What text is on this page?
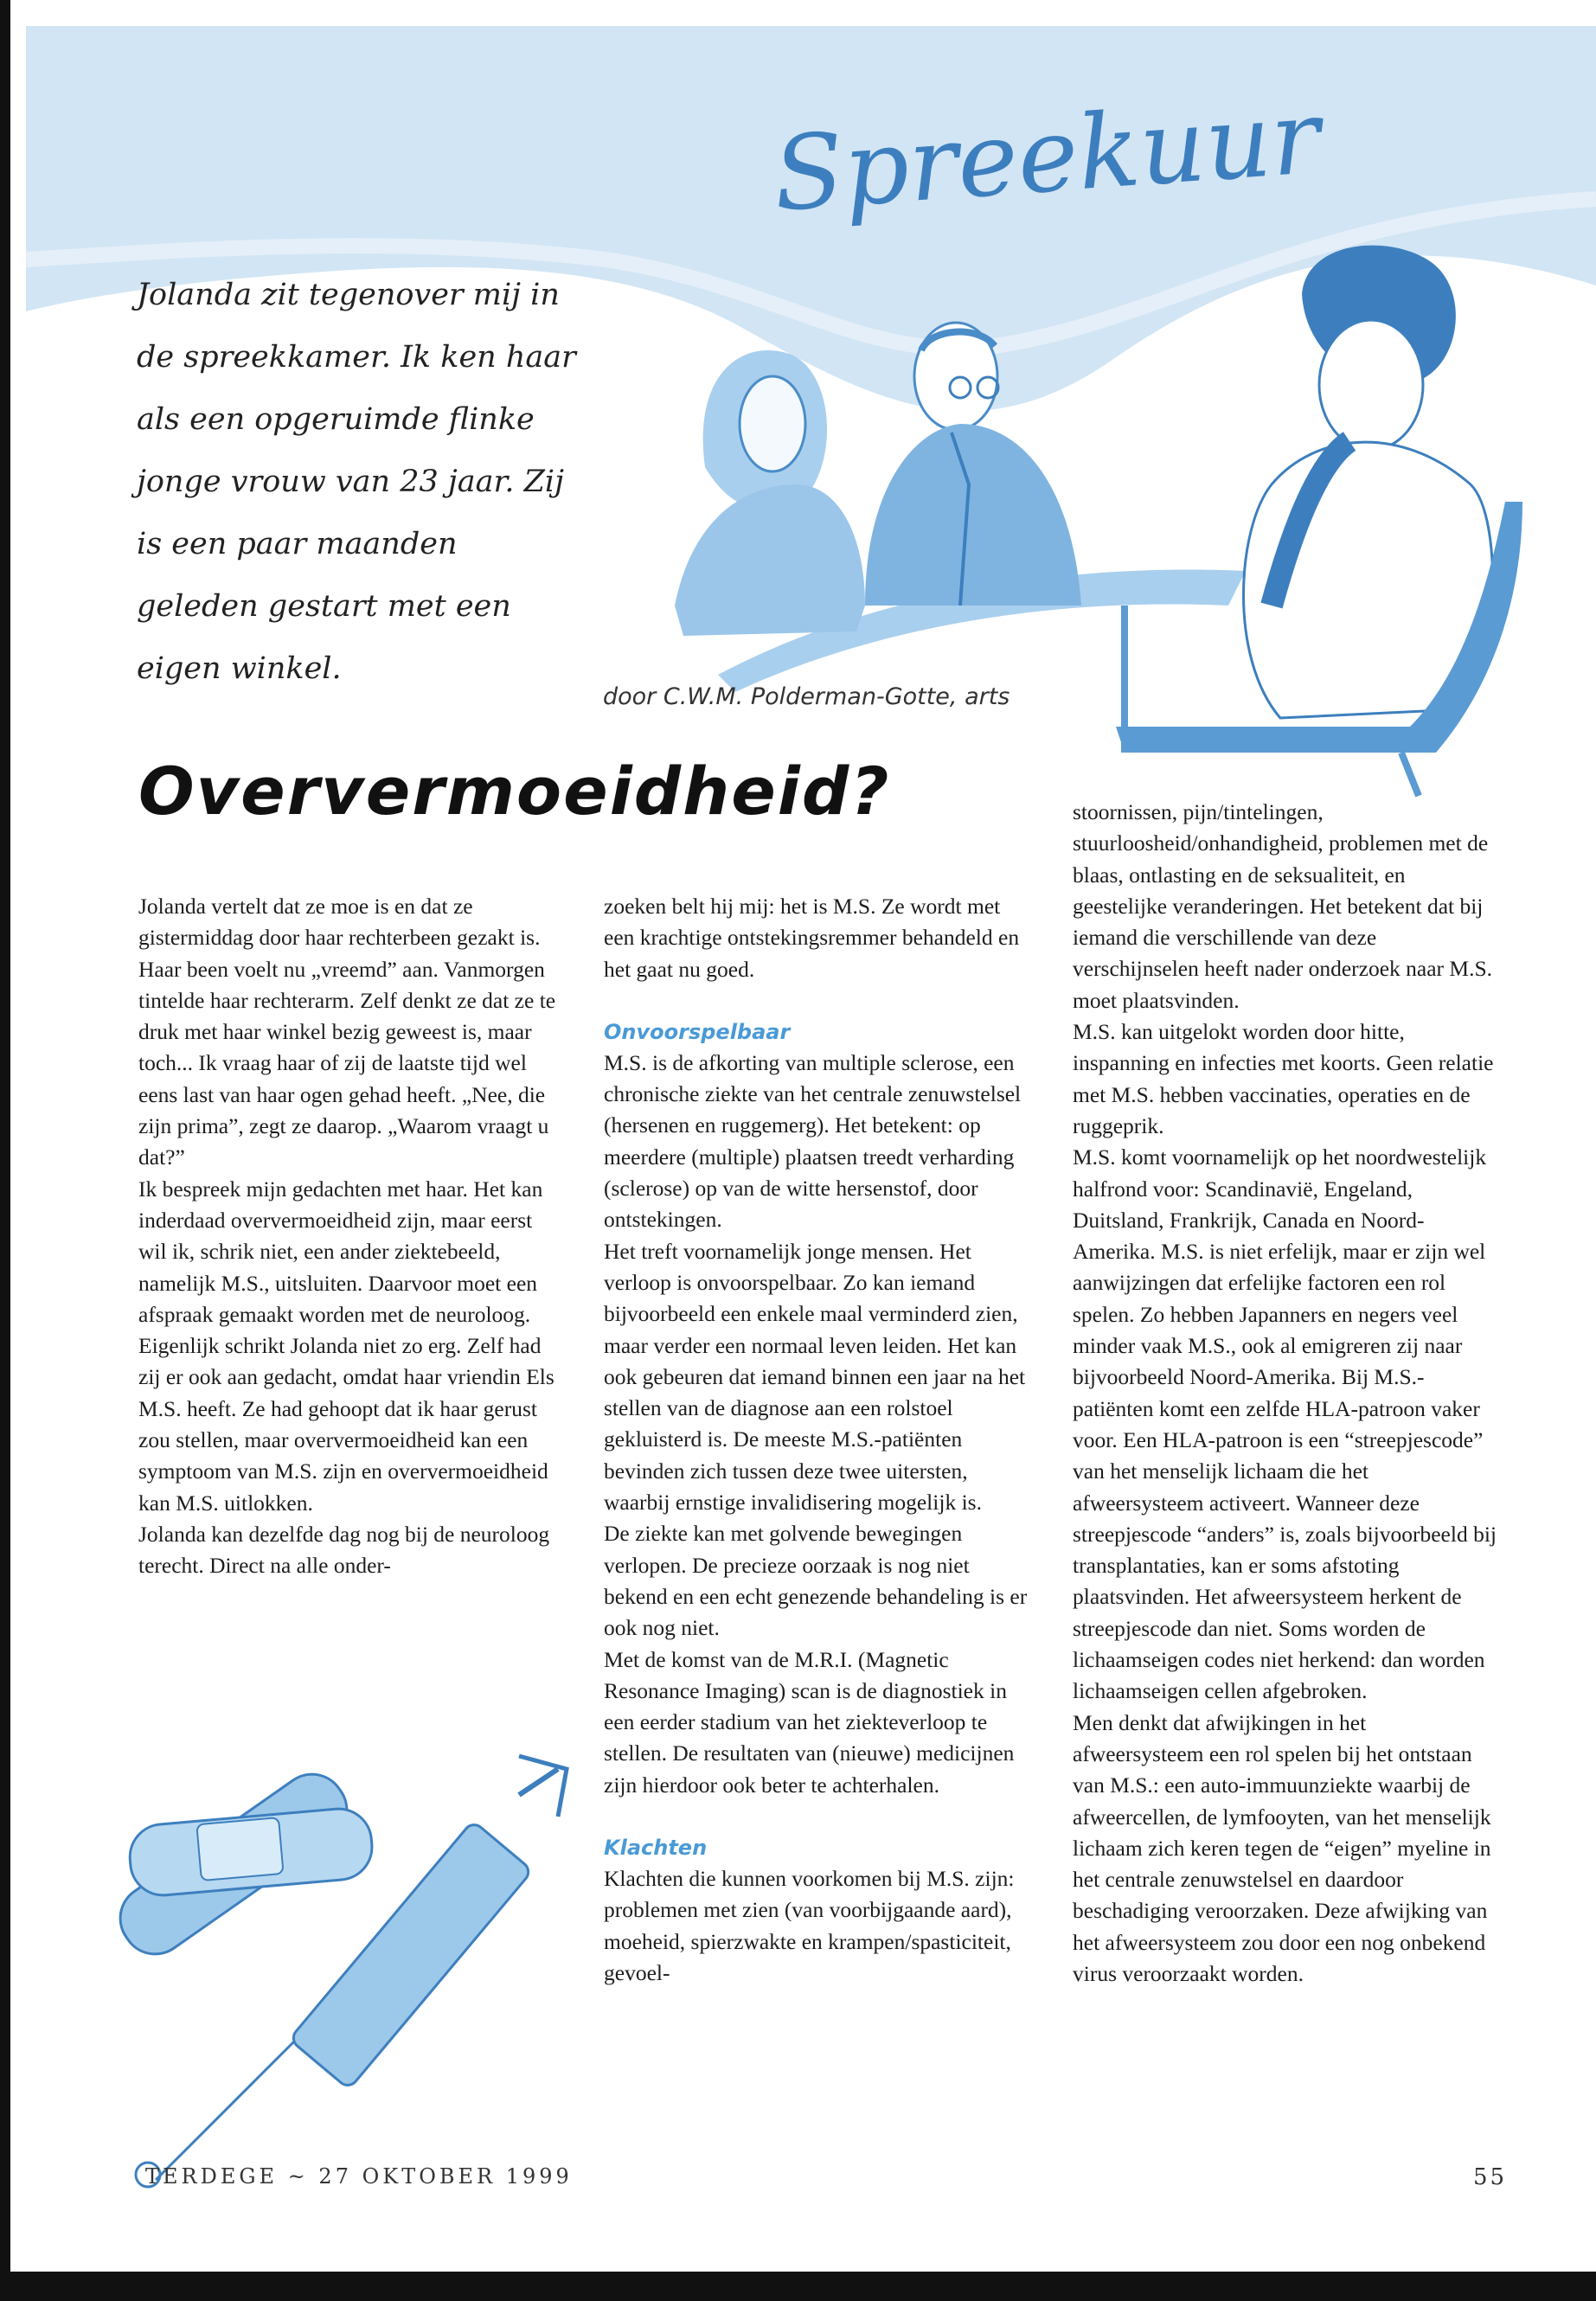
Spreekuur

Jolanda zit tegenover mij in de spreekkamer. Ik ken haar als een opgeruimde flinke jonge vrouw van 23 jaar. Zij is een paar maanden geleden gestart met een eigen winkel.

door C.W.M. Polderman-Gotte, arts
Oververmoeidheid?

Jolanda vertelt dat ze moe is en dat ze gistermiddag door haar rechterbeen gezakt is. Haar been voelt nu „vreemd” aan. Vanmorgen tintelde haar rechterarm. Zelf denkt ze dat ze te druk met haar winkel bezig geweest is, maar toch... Ik vraag haar of zij de laatste tijd wel eens last van haar ogen gehad heeft. „Nee, die zijn prima”, zegt ze daarop. „Waarom vraagt u dat?”

Ik bespreek mijn gedachten met haar. Het kan inderdaad oververmoeidheid zijn, maar eerst wil ik, schrik niet, een ander ziektebeeld, namelijk M.S., uitsluiten. Daarvoor moet een afspraak gemaakt worden met de neuroloog. Eigenlijk schrikt Jolanda niet zo erg. Zelf had zij er ook aan gedacht, omdat haar vriendin Els M.S. heeft. Ze had gehoopt dat ik haar gerust zou stellen, maar oververmoeidheid kan een symptoom van M.S. zijn en oververmoeidheid kan M.S. uitlokken.

Jolanda kan dezelfde dag nog bij de neuroloog terecht. Direct na alle onder-

zoeken belt hij mij: het is M.S. Ze wordt met een krachtige ontstekingsremmer behandeld en het gaat nu goed.

Onvoorspelbaar

M.S. is de afkorting van multiple sclerose, een chronische ziekte van het centrale zenuwstelsel (hersenen en ruggemerg). Het betekent: op meerdere (multiple) plaatsen treedt verharding (sclerose) op van de witte hersenstof, door ontstekingen.

Het treft voornamelijk jonge mensen. Het verloop is onvoorspelbaar. Zo kan iemand bijvoorbeeld een enkele maal verminderd zien, maar verder een normaal leven leiden. Het kan ook gebeuren dat iemand binnen een jaar na het stellen van de diagnose aan een rolstoel gekluisterd is. De meeste M.S.-patiënten bevinden zich tussen deze twee uitersten, waarbij ernstige invalidisering mogelijk is.

De ziekte kan met golvende bewegingen verlopen. De precieze oorzaak is nog niet bekend en een echt genezende behandeling is er ook nog niet.

Met de komst van de M.R.I. (Magnetic Resonance Imaging) scan is de diagnostiek in een eerder stadium van het ziekteverloop te stellen. De resultaten van (nieuwe) medicijnen zijn hierdoor ook beter te achterhalen.

Klachten

Klachten die kunnen voorkomen bij M.S. zijn: problemen met zien (van voorbijgaande aard), moeheid, spierzwakte en krampen/spasticiteit, gevoel-

stoornissen, pijn/tintelingen, stuurloosheid/onhandigheid, problemen met de blaas, ontlasting en de seksualiteit, en geestelijke veranderingen. Het betekent dat bij iemand die verschillende van deze verschijnselen heeft nader onderzoek naar M.S. moet plaatsvinden.

M.S. kan uitgelokt worden door hitte, inspanning en infecties met koorts. Geen relatie met M.S. hebben vaccinaties, operaties en de ruggeprik.

M.S. komt voornamelijk op het noordwestelijk halfrond voor: Scandinavië, Engeland, Duitsland, Frankrijk, Canada en Noord-Amerika. M.S. is niet erfelijk, maar er zijn wel aanwijzingen dat erfelijke factoren een rol spelen. Zo hebben Japanners en negers veel minder vaak M.S., ook al emigreren zij naar bijvoorbeeld Noord-Amerika. Bij M.S.-patiënten komt een zelfde HLA-patroon vaker voor. Een HLA-patroon is een “streepjescode” van het menselijk lichaam die het afweersysteem activeert. Wanneer deze streepjescode “anders” is, zoals bijvoorbeeld bij transplantaties, kan er soms afstoting plaatsvinden. Het afweersysteem herkent de streepjescode dan niet. Soms worden de lichaamseigen codes niet herkend: dan worden lichaamseigen cellen afgebroken.

Men denkt dat afwijkingen in het afweersysteem een rol spelen bij het ontstaan van M.S.: een auto-immuunziekte waarbij de afweercellen, de lymfooyten, van het menselijk lichaam zich keren tegen de “eigen” myeline in het centrale zenuwstelsel en daardoor beschadiging veroorzaken. Deze afwijking van het afweersysteem zou door een nog onbekend virus veroorzaakt worden.

TERDEGE ~ 27 OKTOBER 1999	55
